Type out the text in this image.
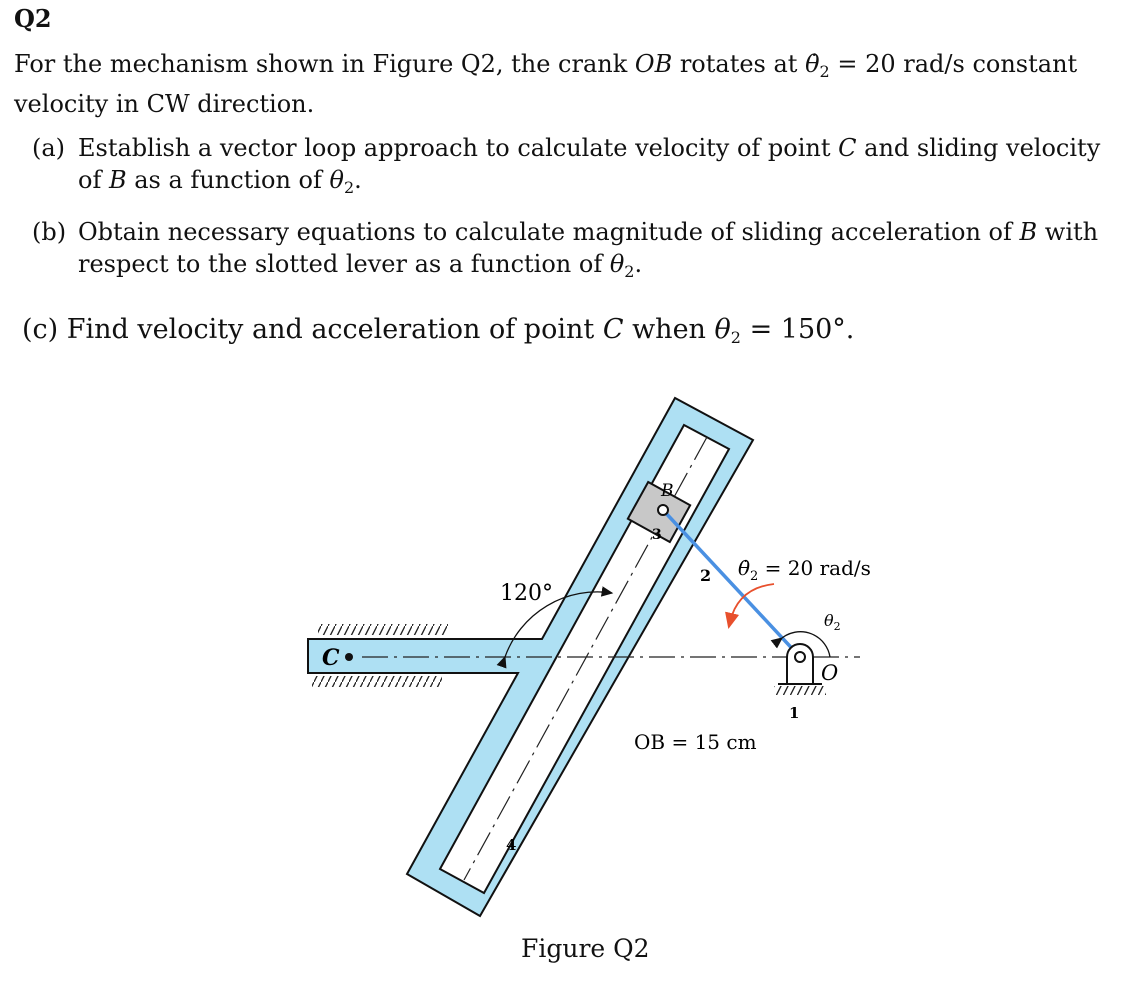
Q2
For the mechanism shown in Figure Q2, the crank OB rotates at $\thetȧ_2 = 20$ rad/s constant velocity in CW direction.
(a) Establish a vector loop approach to calculate velocity of point C and sliding velocity of B as a function of $\theta_2$.
(b) Obtain necessary equations to calculate magnitude of sliding acceleration of B with respect to the slotted lever as a function of $\theta_2$.
(c) Find velocity and acceleration of point C when $\theta_2 = 150^\circ$.
C
120°
B
3
2
O
1
$\theta_2$
$\thetȧ_2 = 20$ rad/s
4
OB = 15 cm
Figure Q2
